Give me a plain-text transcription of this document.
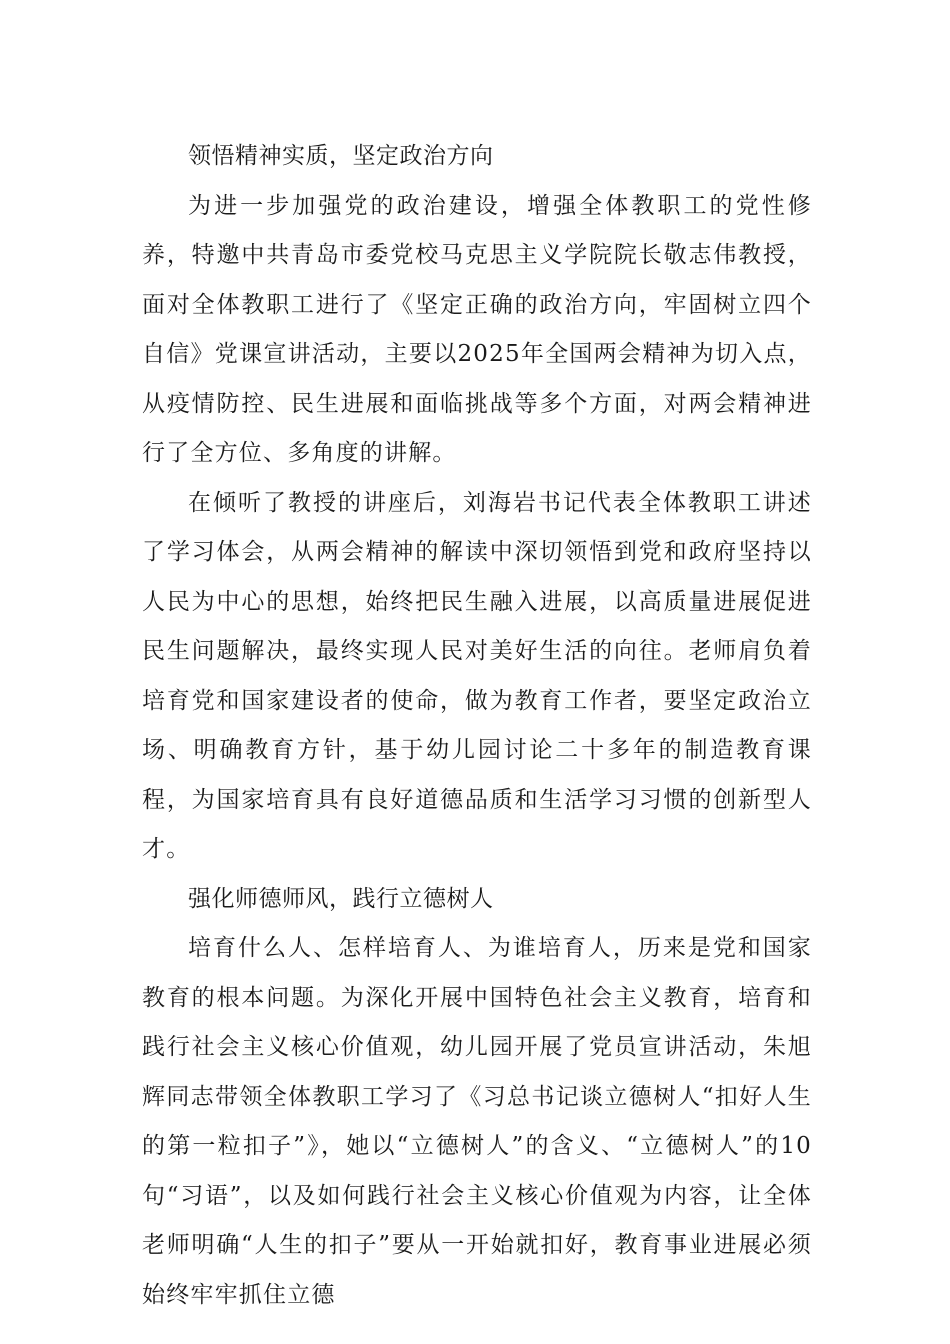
领悟精神实质，坚定政治方向

为进一步加强党的政治建设，增强全体教职工的党性修养，特邀中共青岛市委党校马克思主义学院院长敬志伟教授，面对全体教职工进行了《坚定正确的政治方向，牢固树立四个自信》党课宣讲活动，主要以2025年全国两会精神为切入点，从疫情防控、民生进展和面临挑战等多个方面，对两会精神进行了全方位、多角度的讲解。

在倾听了教授的讲座后，刘海岩书记代表全体教职工讲述了学习体会，从两会精神的解读中深切领悟到党和政府坚持以人民为中心的思想，始终把民生融入进展，以高质量进展促进民生问题解决，最终实现人民对美好生活的向往。老师肩负着培育党和国家建设者的使命，做为教育工作者，要坚定政治立场、明确教育方针，基于幼儿园讨论二十多年的制造教育课程，为国家培育具有良好道德品质和生活学习习惯的创新型人才。

强化师德师风，践行立德树人

培育什么人、怎样培育人、为谁培育人，历来是党和国家教育的根本问题。为深化开展中国特色社会主义教育，培育和践行社会主义核心价值观，幼儿园开展了党员宣讲活动，朱旭辉同志带领全体教职工学习了《习总书记谈立德树人“扣好人生的第一粒扣子”》，她以“立德树人”的含义、“立德树人”的10句“习语”，以及如何践行社会主义核心价值观为内容，让全体老师明确“人生的扣子”要从一开始就扣好，教育事业进展必须始终牢牢抓住立德
